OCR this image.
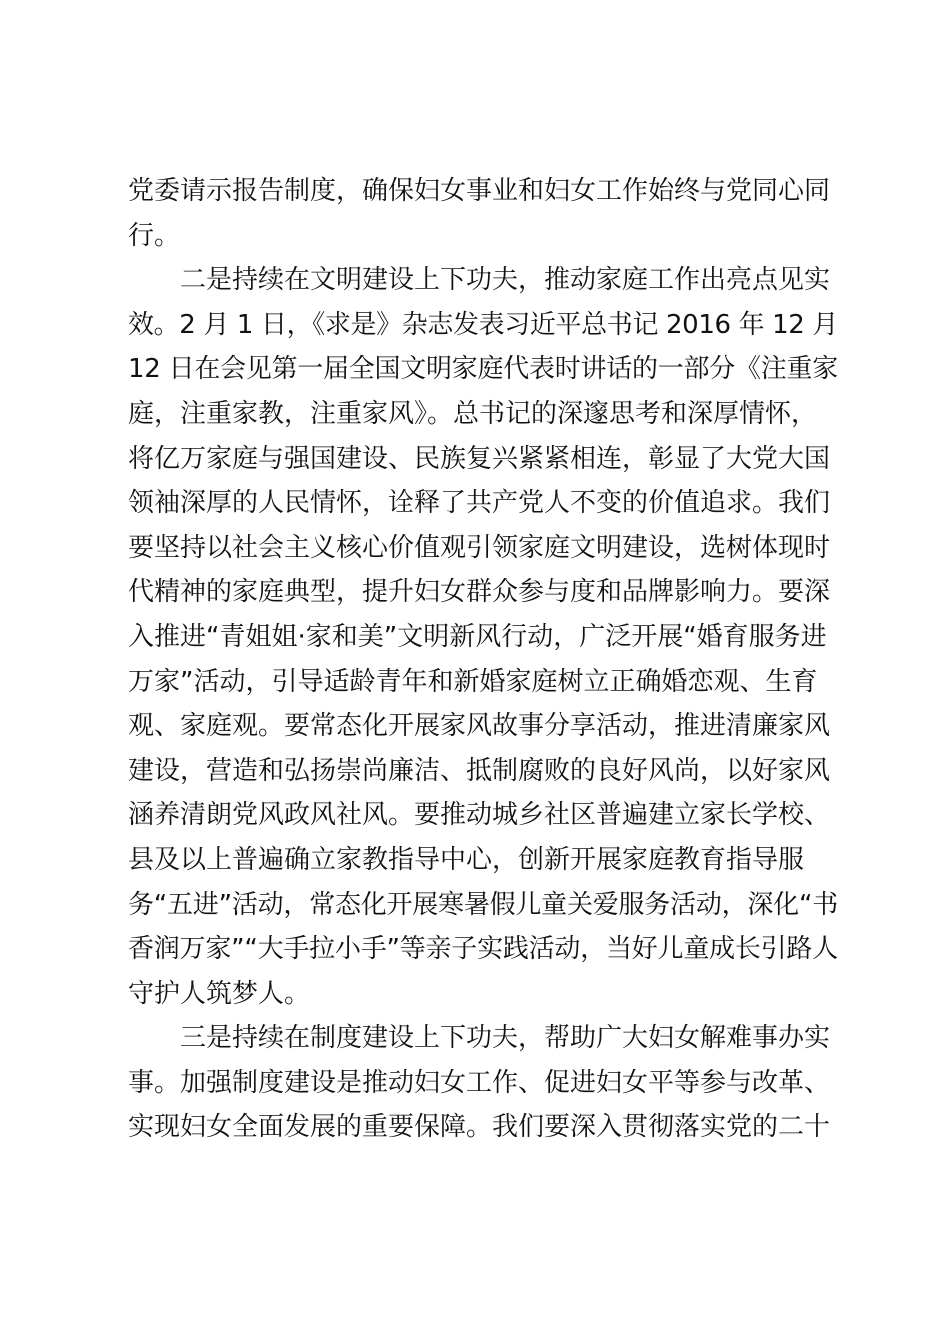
党委请示报告制度，确保妇女事业和妇女工作始终与党同心同
行。
二是持续在文明建设上下功夫，推动家庭工作出亮点见实
效。2 月 1 日，《求是》杂志发表习近平总书记 2016 年 12 月
12 日在会见第一届全国文明家庭代表时讲话的一部分《注重家
庭，注重家教，注重家风》。总书记的深邃思考和深厚情怀，
将亿万家庭与强国建设、民族复兴紧紧相连，彰显了大党大国
领袖深厚的人民情怀，诠释了共产党人不变的价值追求。我们
要坚持以社会主义核心价值观引领家庭文明建设，选树体现时
代精神的家庭典型，提升妇女群众参与度和品牌影响力。要深
入推进“青姐姐·家和美”文明新风行动，广泛开展“婚育服务进
万家”活动，引导适龄青年和新婚家庭树立正确婚恋观、生育
观、家庭观。要常态化开展家风故事分享活动，推进清廉家风
建设，营造和弘扬崇尚廉洁、抵制腐败的良好风尚，以好家风
涵养清朗党风政风社风。要推动城乡社区普遍建立家长学校、
县及以上普遍确立家教指导中心，创新开展家庭教育指导服
务“五进”活动，常态化开展寒暑假儿童关爱服务活动，深化“书
香润万家”“大手拉小手”等亲子实践活动，当好儿童成长引路人
守护人筑梦人。
三是持续在制度建设上下功夫，帮助广大妇女解难事办实
事。加强制度建设是推动妇女工作、促进妇女平等参与改革、
实现妇女全面发展的重要保障。我们要深入贯彻落实党的二十
